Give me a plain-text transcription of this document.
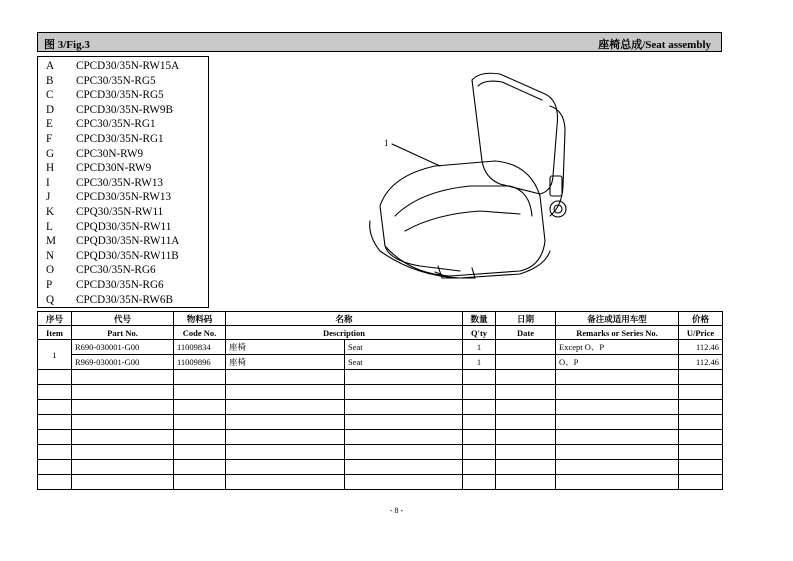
图 3/Fig.3	座椅总成/Seat assembly
A	CPCD30/35N-RW15A
B	CPC30/35N-RG5
C	CPCD30/35N-RG5
D	CPCD30/35N-RW9B
E	CPC30/35N-RG1
F	CPCD30/35N-RG1
G	CPC30N-RW9
H	CPCD30N-RW9
I	CPC30/35N-RW13
J	CPCD30/35N-RW13
K	CPQ30/35N-RW11
L	CPQD30/35N-RW11
M	CPQD30/35N-RW11A
N	CPQD30/35N-RW11B
O	CPC30/35N-RG6
P	CPCD30/35N-RG6
Q	CPCD30/35N-RW6B
1
序号	代号	物料码	名称		数量	日期	备注或适用车型	价格
Item	Part No.	Code No.	Description		Q'ty	Date	Remarks or Series No.	U/Price
1	R690-030001-G00	11009834	座椅	Seat	1		Except O、P	112.46
	R969-030001-G00	11009896	座椅	Seat	1		O、P	112.46

- 8 -
